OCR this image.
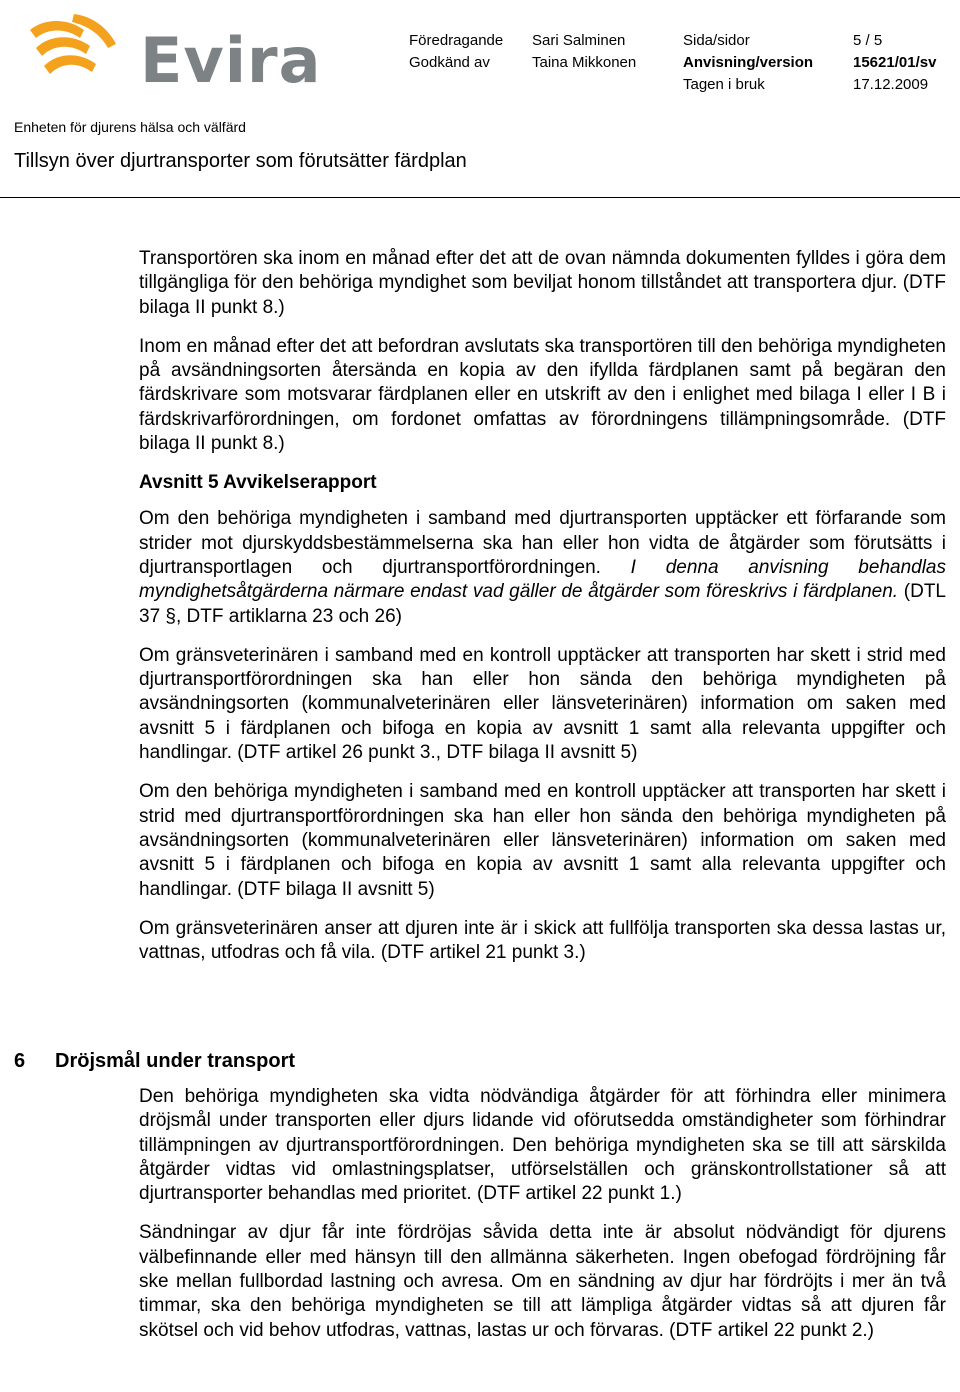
Evira	Föredragande
Godkänd av
Sari Salminen
Taina Mikkonen
Sida/sidor
Anvisning/version
Tagen i bruk
5 / 5
15621/01/sv
17.12.2009
Enheten för djurens hälsa och välfärd
Tillsyn över djurtransporter som förutsätter färdplan

Transportören ska inom en månad efter det att de ovan nämnda dokumenten fylldes i göra dem tillgängliga för den behöriga myndighet som beviljat honom tillståndet att transportera djur. (DTF bilaga II punkt 8.)

Inom en månad efter det att befordran avslutats ska transportören till den behöriga myndigheten på avsändningsorten återsända en kopia av den ifyllda färdplanen samt på begäran den färdskrivare som motsvarar färdplanen eller en utskrift av den i enlighet med bilaga I eller I B i färdskrivarförordningen, om fordonet omfattas av förordningens tillämpningsområde. (DTF bilaga II punkt 8.)

Avsnitt 5 Avvikelserapport

Om den behöriga myndigheten i samband med djurtransporten upptäcker ett förfarande som strider mot djurskyddsbestämmelserna ska han eller hon vidta de åtgärder som förutsätts i djurtransportlagen och djurtransportförordningen. I denna anvisning behandlas myndighetsåtgärderna närmare endast vad gäller de åtgärder som föreskrivs i färdplanen. (DTL 37 §, DTF artiklarna 23 och 26)

Om gränsveterinären i samband med en kontroll upptäcker att transporten har skett i strid med djurtransportförordningen ska han eller hon sända den behöriga myndigheten på avsändningsorten (kommunalveterinären eller länsveterinären) information om saken med avsnitt 5 i färdplanen och bifoga en kopia av avsnitt 1 samt alla relevanta uppgifter och handlingar. (DTF artikel 26 punkt 3., DTF bilaga II avsnitt 5)

Om den behöriga myndigheten i samband med en kontroll upptäcker att transporten har skett i strid med djurtransportförordningen ska han eller hon sända den behöriga myndigheten på avsändningsorten (kommunalveterinären eller länsveterinären) information om saken med avsnitt 5 i färdplanen och bifoga en kopia av avsnitt 1 samt alla relevanta uppgifter och handlingar. (DTF bilaga II avsnitt 5)

Om gränsveterinären anser att djuren inte är i skick att fullfölja transporten ska dessa lastas ur, vattnas, utfodras och få vila. (DTF artikel 21 punkt 3.)

6 Dröjsmål under transport

Den behöriga myndigheten ska vidta nödvändiga åtgärder för att förhindra eller minimera dröjsmål under transporten eller djurs lidande vid oförutsedda omständigheter som förhindrar tillämpningen av djurtransportförordningen. Den behöriga myndigheten ska se till att särskilda åtgärder vidtas vid omlastningsplatser, utförselställen och gränskontrollstationer så att djurtransporter behandlas med prioritet. (DTF artikel 22 punkt 1.)

Sändningar av djur får inte fördröjas såvida detta inte är absolut nödvändigt för djurens välbefinnande eller med hänsyn till den allmänna säkerheten. Ingen obefogad fördröjning får ske mellan fullbordad lastning och avresa. Om en sändning av djur har fördröjts i mer än två timmar, ska den behöriga myndigheten se till att lämpliga åtgärder vidtas så att djuren får skötsel och vid behov utfodras, vattnas, lastas ur och förvaras. (DTF artikel 22 punkt 2.)
